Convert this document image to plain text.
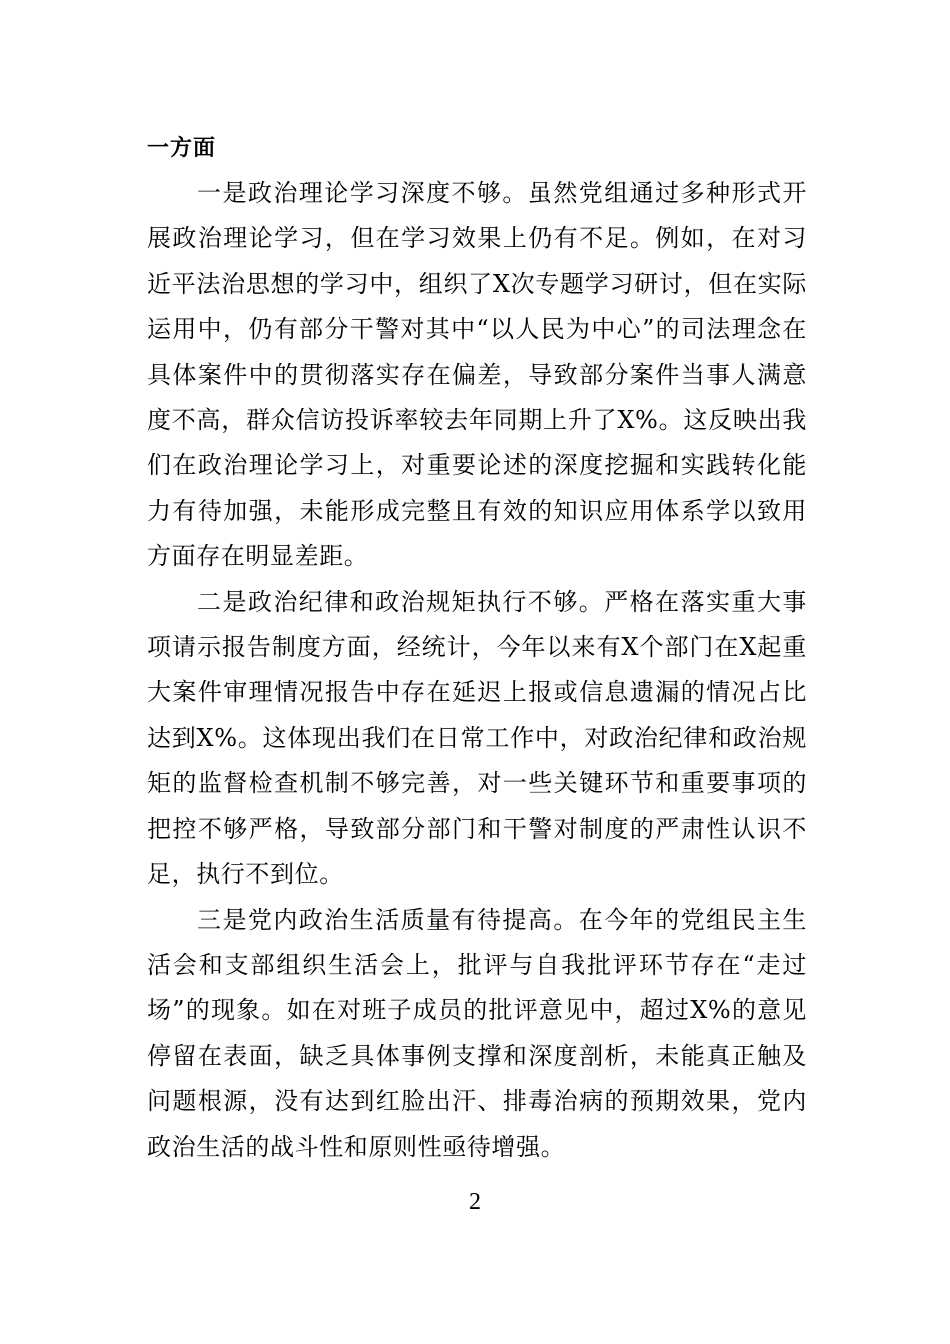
一方面

一是政治理论学习深度不够。虽然党组通过多种形式开展政治理论学习，但在学习效果上仍有不足。例如，在对习近平法治思想的学习中，组织了X次专题学习研讨，但在实际运用中，仍有部分干警对其中“以人民为中心”的司法理念在具体案件中的贯彻落实存在偏差，导致部分案件当事人满意度不高，群众信访投诉率较去年同期上升了X%。这反映出我们在政治理论学习上，对重要论述的深度挖掘和实践转化能力有待加强，未能形成完整且有效的知识应用体系学以致用方面存在明显差距。

二是政治纪律和政治规矩执行不够。严格在落实重大事项请示报告制度方面，经统计，今年以来有X个部门在X起重大案件审理情况报告中存在延迟上报或信息遗漏的情况占比达到X%。这体现出我们在日常工作中，对政治纪律和政治规矩的监督检查机制不够完善，对一些关键环节和重要事项的把控不够严格，导致部分部门和干警对制度的严肃性认识不足，执行不到位。

三是党内政治生活质量有待提高。在今年的党组民主生活会和支部组织生活会上，批评与自我批评环节存在“走过场”的现象。如在对班子成员的批评意见中，超过X%的意见停留在表面，缺乏具体事例支撑和深度剖析，未能真正触及问题根源，没有达到红脸出汗、排毒治病的预期效果，党内政治生活的战斗性和原则性亟待增强。

2
